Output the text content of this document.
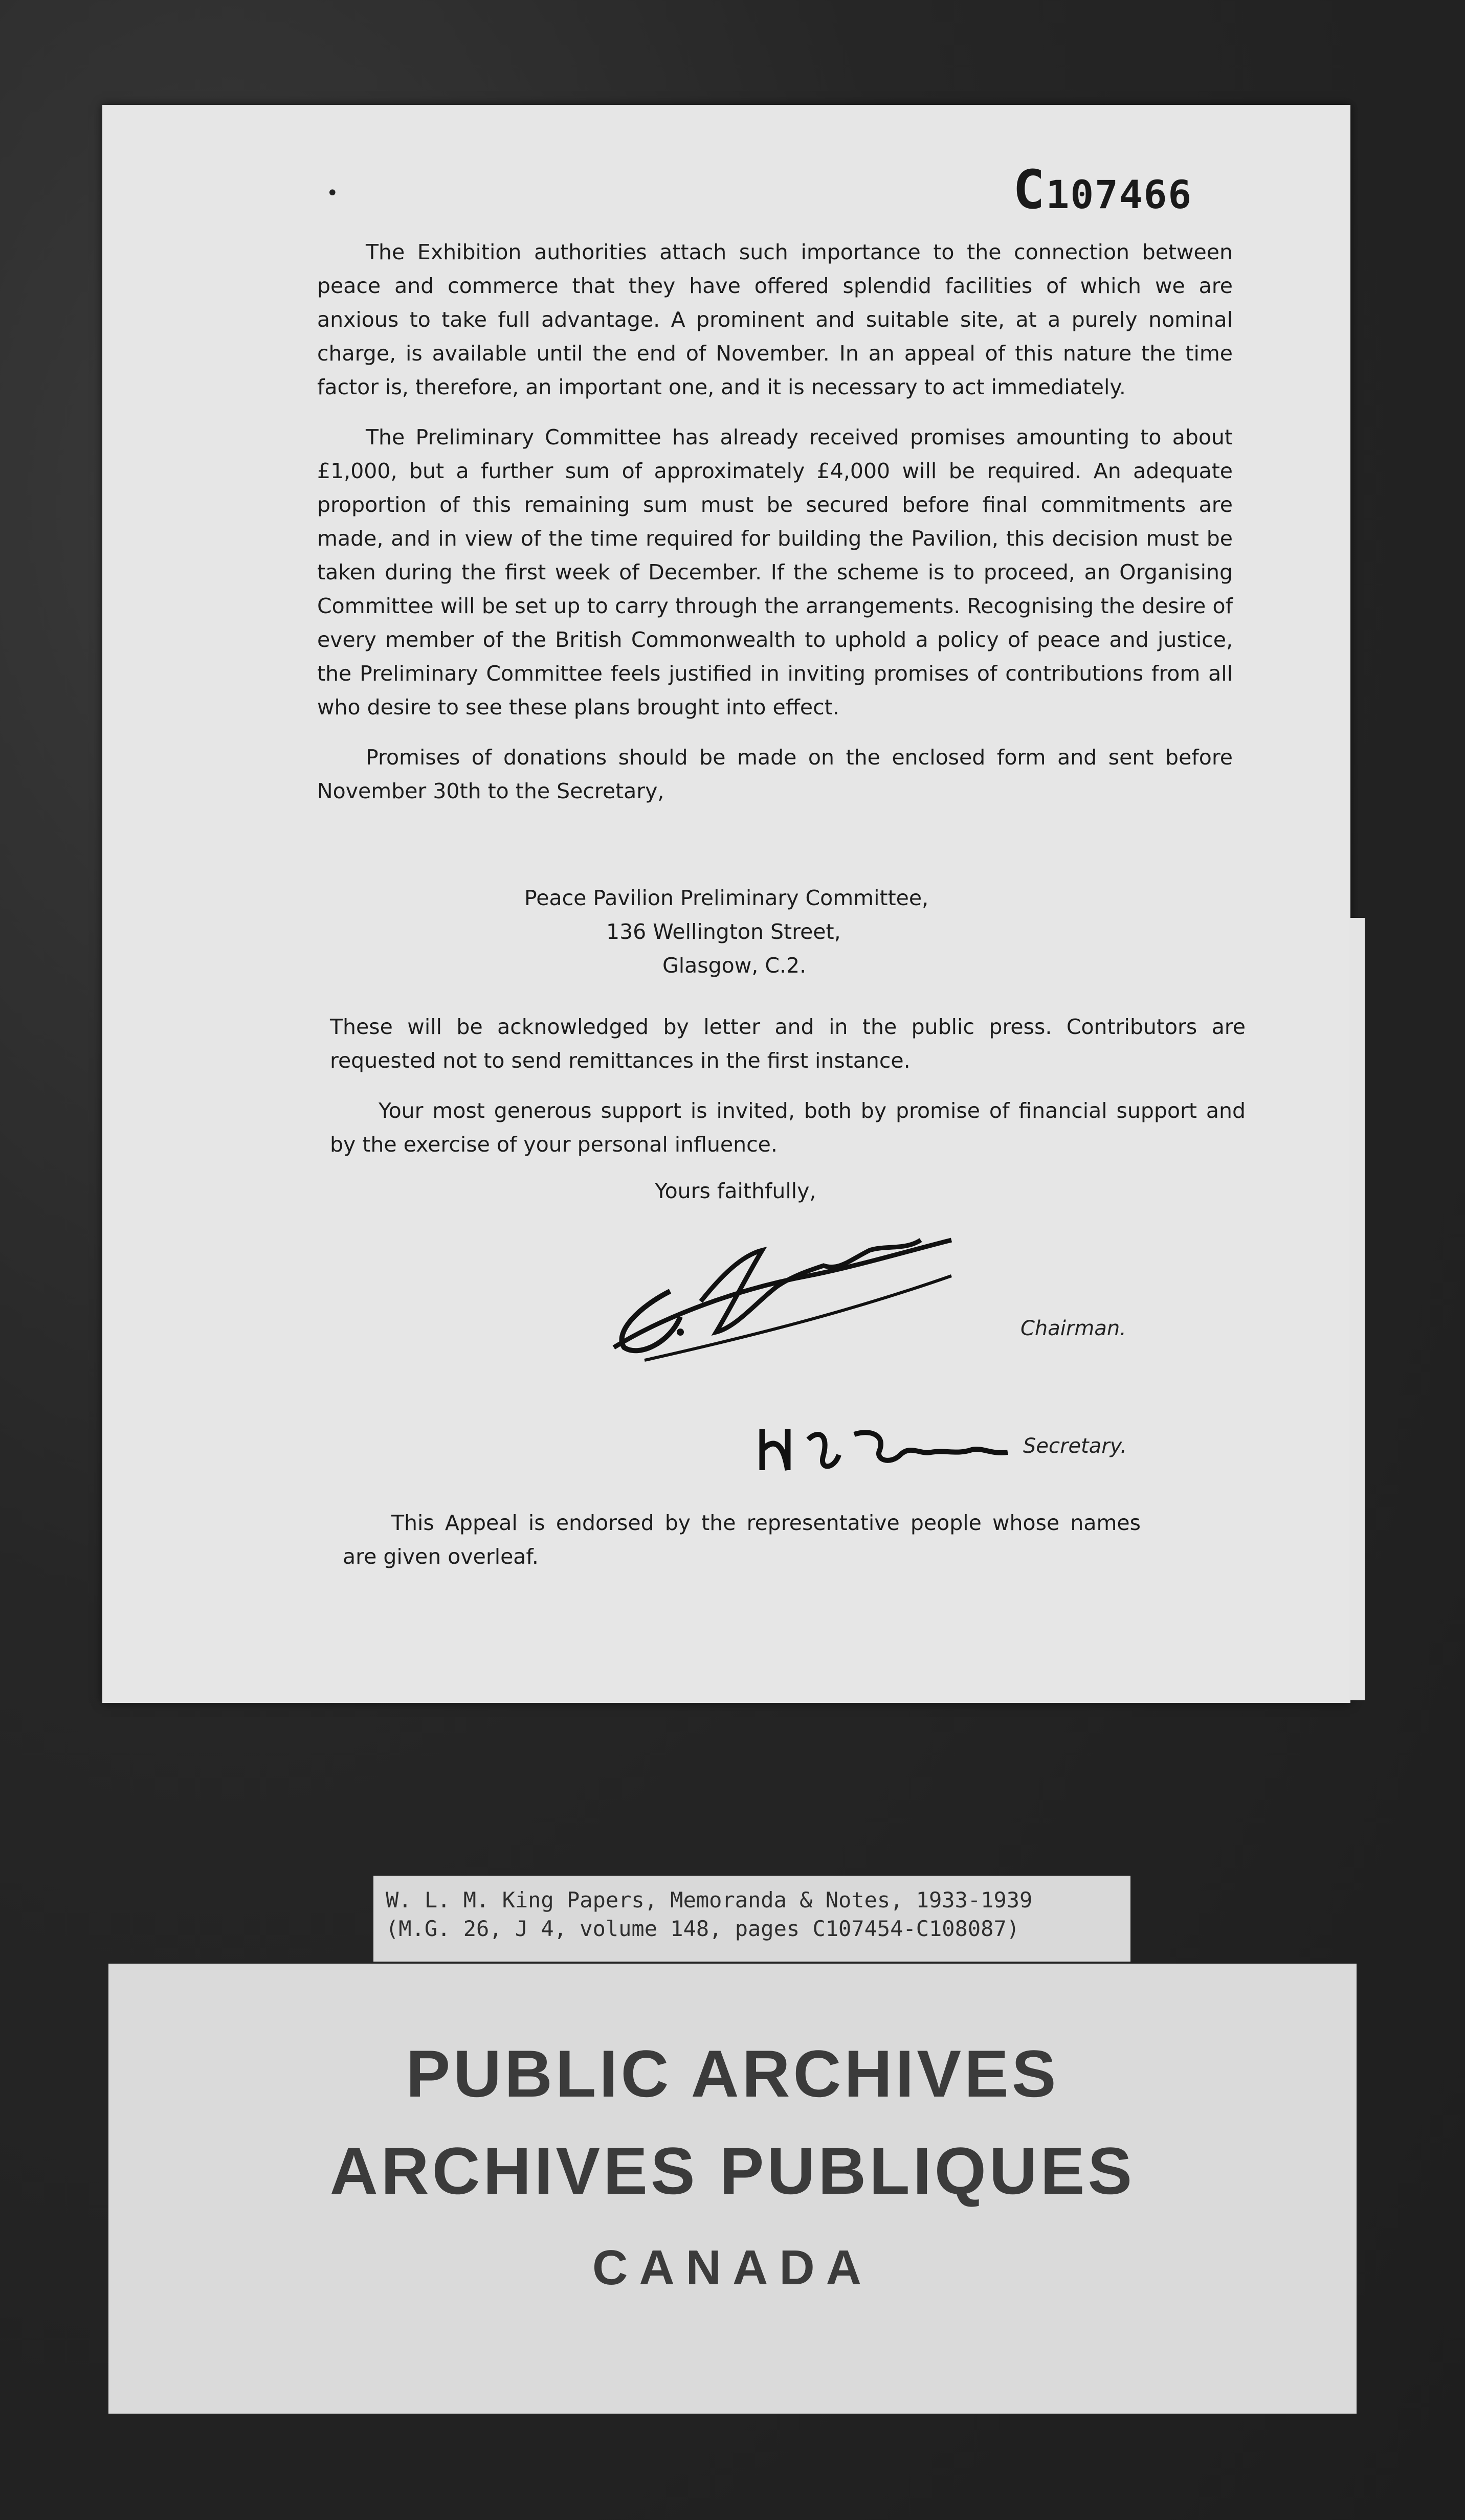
C107466
•

The Exhibition authorities attach such importance to the connection between peace and commerce that they have offered splendid facilities of which we are anxious to take full advantage. A prominent and suitable site, at a purely nominal charge, is available until the end of November. In an appeal of this nature the time factor is, therefore, an important one, and it is necessary to act immediately.

The Preliminary Committee has already received promises amounting to about £1,000, but a further sum of approximately £4,000 will be required. An adequate proportion of this remaining sum must be secured before final commitments are made, and in view of the time required for building the Pavilion, this decision must be taken during the first week of December. If the scheme is to proceed, an Organising Committee will be set up to carry through the arrangements. Recognising the desire of every member of the British Commonwealth to uphold a policy of peace and justice, the Preliminary Committee feels justified in inviting promises of contributions from all who desire to see these plans brought into effect.

Promises of donations should be made on the enclosed form and sent before November 30th to the Secretary,

Peace Pavilion Preliminary Committee,
136 Wellington Street,
Glasgow, C.2.

These will be acknowledged by letter and in the public press. Contributors are requested not to send remittances in the first instance.

Your most generous support is invited, both by promise of financial support and by the exercise of your personal influence.

Yours faithfully,
Chairman.
Secretary.

This Appeal is endorsed by the representative people whose names are given overleaf.

W. L. M. King Papers, Memoranda & Notes, 1933-1939
(M.G. 26, J 4, volume 148, pages C107454-C108087)
PUBLIC ARCHIVES
ARCHIVES PUBLIQUES
CANADA
